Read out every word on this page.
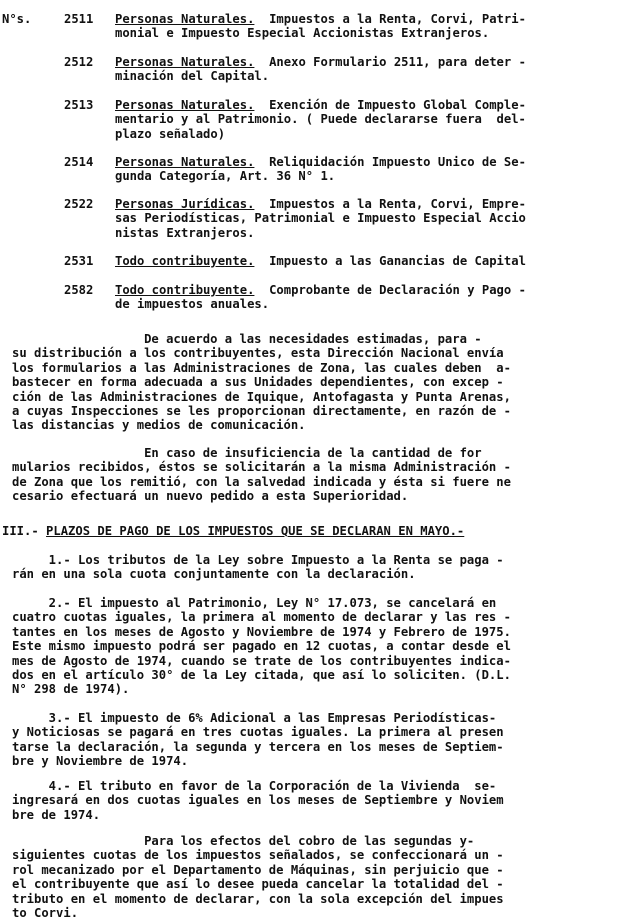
N°s.	2511 Personas Naturales.  Impuestos a la Renta, Corvi, Patri-
monial e Impuesto Especial Accionistas Extranjeros.
2512 Personas Naturales.  Anexo Formulario 2511, para deter -
minación del Capital.
2513 Personas Naturales.  Exención de Impuesto Global Comple-
mentario y al Patrimonio. ( Puede declararse fuera  del-
plazo señalado)
2514 Personas Naturales.  Reliquidación Impuesto Unico de Se-
gunda Categoría, Art. 36 N° 1.
2522 Personas Jurídicas.  Impuestos a la Renta, Corvi, Empre-
sas Periodísticas, Patrimonial e Impuesto Especial Accio
nistas Extranjeros.
2531 Todo contribuyente.  Impuesto a las Ganancias de Capital
2582 Todo contribuyente.  Comprobante de Declaración y Pago -
de impuestos anuales.
De acuerdo a las necesidades estimadas, para -
su distribución a los contribuyentes, esta Dirección Nacional envía
los formularios a las Administraciones de Zona, las cuales deben  a-
bastecer en forma adecuada a sus Unidades dependientes, con excep -
ción de las Administraciones de Iquique, Antofagasta y Punta Arenas,
a cuyas Inspecciones se les proporcionan directamente, en razón de -
las distancias y medios de comunicación.
En caso de insuficiencia de la cantidad de for
mularios recibidos, éstos se solicitarán a la misma Administración -
de Zona que los remitió, con la salvedad indicada y ésta si fuere ne
cesario efectuará un nuevo pedido a esta Superioridad.
III.- PLAZOS DE PAGO DE LOS IMPUESTOS QUE SE DECLARAN EN MAYO.-
1.- Los tributos de la Ley sobre Impuesto a la Renta se paga -
rán en una sola cuota conjuntamente con la declaración.
2.- El impuesto al Patrimonio, Ley N° 17.073, se cancelará en
cuatro cuotas iguales, la primera al momento de declarar y las res -
tantes en los meses de Agosto y Noviembre de 1974 y Febrero de 1975.
Este mismo impuesto podrá ser pagado en 12 cuotas, a contar desde el
mes de Agosto de 1974, cuando se trate de los contribuyentes indica-
dos en el artículo 30° de la Ley citada, que así lo soliciten. (D.L.
N° 298 de 1974).
3.- El impuesto de 6% Adicional a las Empresas Periodísticas-
y Noticiosas se pagará en tres cuotas iguales. La primera al presen
tarse la declaración, la segunda y tercera en los meses de Septiem-
bre y Noviembre de 1974.
4.- El tributo en favor de la Corporación de la Vivienda  se-
ingresará en dos cuotas iguales en los meses de Septiembre y Noviem
bre de 1974.
Para los efectos del cobro de las segundas y-
siguientes cuotas de los impuestos señalados, se confeccionará un -
rol mecanizado por el Departamento de Máquinas, sin perjuicio que -
el contribuyente que así lo desee pueda cancelar la totalidad del -
tributo en el momento de declarar, con la sola excepción del impues
to Corvi.
